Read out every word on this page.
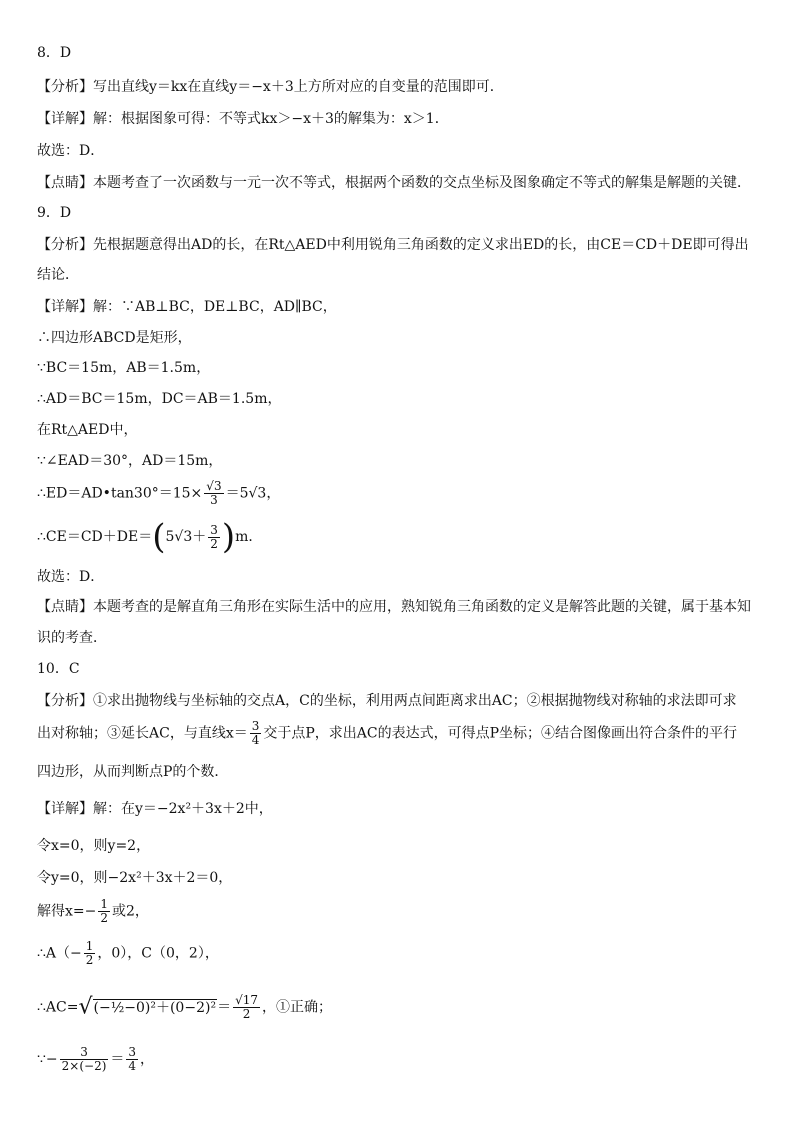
8．D
【分析】写出直线y＝kx在直线y＝−x＋3上方所对应的自变量的范围即可．
【详解】解：根据图象可得：不等式kx＞−x＋3的解集为：x＞1．
故选：D．
【点睛】本题考查了一次函数与一元一次不等式，根据两个函数的交点坐标及图象确定不等式的解集是解题的关键．
9．D
【分析】先根据题意得出AD的长，在Rt△AED中利用锐角三角函数的定义求出ED的长，由CE＝CD＋DE即可得出
结论．
【详解】解：∵AB⊥BC，DE⊥BC，AD∥BC，
∴四边形ABCD是矩形，
∵BC＝15m，AB＝1.5m，
∴AD＝BC＝15m，DC＝AB＝1.5m，
在Rt△AED中，
∵∠EAD＝30°，AD＝15m，
∴ED＝AD•tan30°＝15× $\frac{√3}{3} =5√3$，
∴CE＝CD＋DE＝(5√3＋ $\frac{3}{2} )m$．
故选：D．
【点睛】本题考查的是解直角三角形在实际生活中的应用，熟知锐角三角函数的定义是解答此题的关键，属于基本知
识的考查．
10．C
【分析】①求出抛物线与坐标轴的交点A，C的坐标，利用两点间距离求出AC；②根据抛物线对称轴的求法即可求
出对称轴；③延长AC，与直线$x= \frac{3}{4}$ 交于点P，求出AC的表达式，可得点P坐标；④结合图像画出符合条件的平行
四边形，从而判断点P的个数．
【详解】解：在y＝−2x²＋3x＋2中，
令x=0，则y=2，
令y=0，则−2x²＋3x＋2＝0，
解得$x=- \frac{1}{2}$ 或2，
∴A（− $\frac{1}{2}$ ，0），C（0，2），
∴AC=√(−½−0)²＋(0−2)²＝ $\frac{√17}{2}$ ，①正确；
∵− $\frac{3}{2\times(-2)} = \frac{3}{4}$ ，
